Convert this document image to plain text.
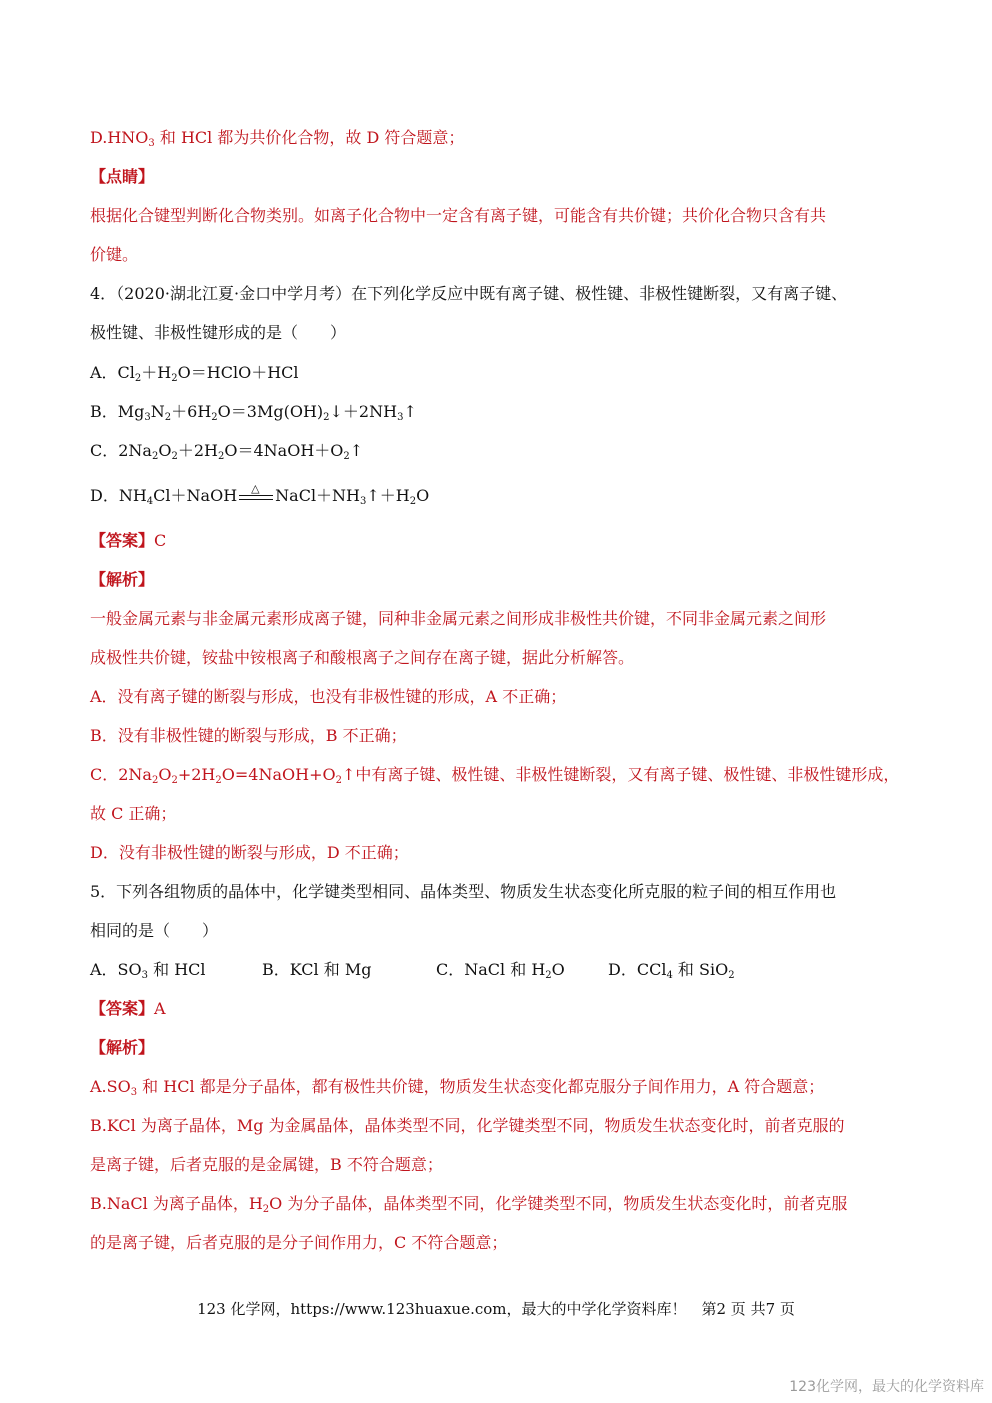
$D.HNO_3$ 和 HCl 都为共价化合物，故 D 符合题意；
【点睛】
根据化合键型判断化合物类别。如离子化合物中一定含有离子键，可能含有共价键；共价化合物只含有共
价键。
4．（2020·湖北江夏·金口中学月考）在下列化学反应中既有离子键、极性键、非极性键断裂，又有离子键、
极性键、非极性键形成的是（　　）
A．$Cl_2+H_2O=HClO+HCl$
B．$Mg_3N_2+6H_2O=3Mg(OH)_2↓+2NH_3↑$
C．$2Na_2O_2+2H_2O=4NaOH+O_2↑$
D．$NH_4Cl+NaOH$ △ $NaCl+NH_3↑+H_2O$
【答案】C
【解析】
一般金属元素与非金属元素形成离子键，同种非金属元素之间形成非极性共价键，不同非金属元素之间形
成极性共价键，铵盐中铵根离子和酸根离子之间存在离子键，据此分析解答。
A．没有离子键的断裂与形成，也没有非极性键的形成，A 不正确；
B．没有非极性键的断裂与形成，B 不正确；
C．$2Na_2O_2+2H_2O=4NaOH+O_2↑$中有离子键、极性键、非极性键断裂，又有离子键、极性键、非极性键形成，
故 C 正确；
D．没有非极性键的断裂与形成，D 不正确；
5．下列各组物质的晶体中，化学键类型相同、晶体类型、物质发生状态变化所克服的粒子间的相互作用也
相同的是（　　）
A．$SO_3$ 和 HCl	B．KCl 和 Mg	C．NaCl 和 $H_2O$	D．CCl$_4$ 和 SiO$_2$
【答案】A
【解析】
$A.SO_3$ 和 HCl 都是分子晶体，都有极性共价键，物质发生状态变化都克服分子间作用力，A 符合题意；
B.KCl 为离子晶体，Mg 为金属晶体，晶体类型不同，化学键类型不同，物质发生状态变化时，前者克服的
是离子键，后者克服的是金属键，B 不符合题意；
B.NaCl 为离子晶体，$H_2O$ 为分子晶体，晶体类型不同，化学键类型不同，物质发生状态变化时，前者克服
的是离子键，后者克服的是分子间作用力，C 不符合题意；
123 化学网，https://www.123huaxue.com，最大的中学化学资料库！　第2 页 共7 页
123化学网，最大的化学资料库
